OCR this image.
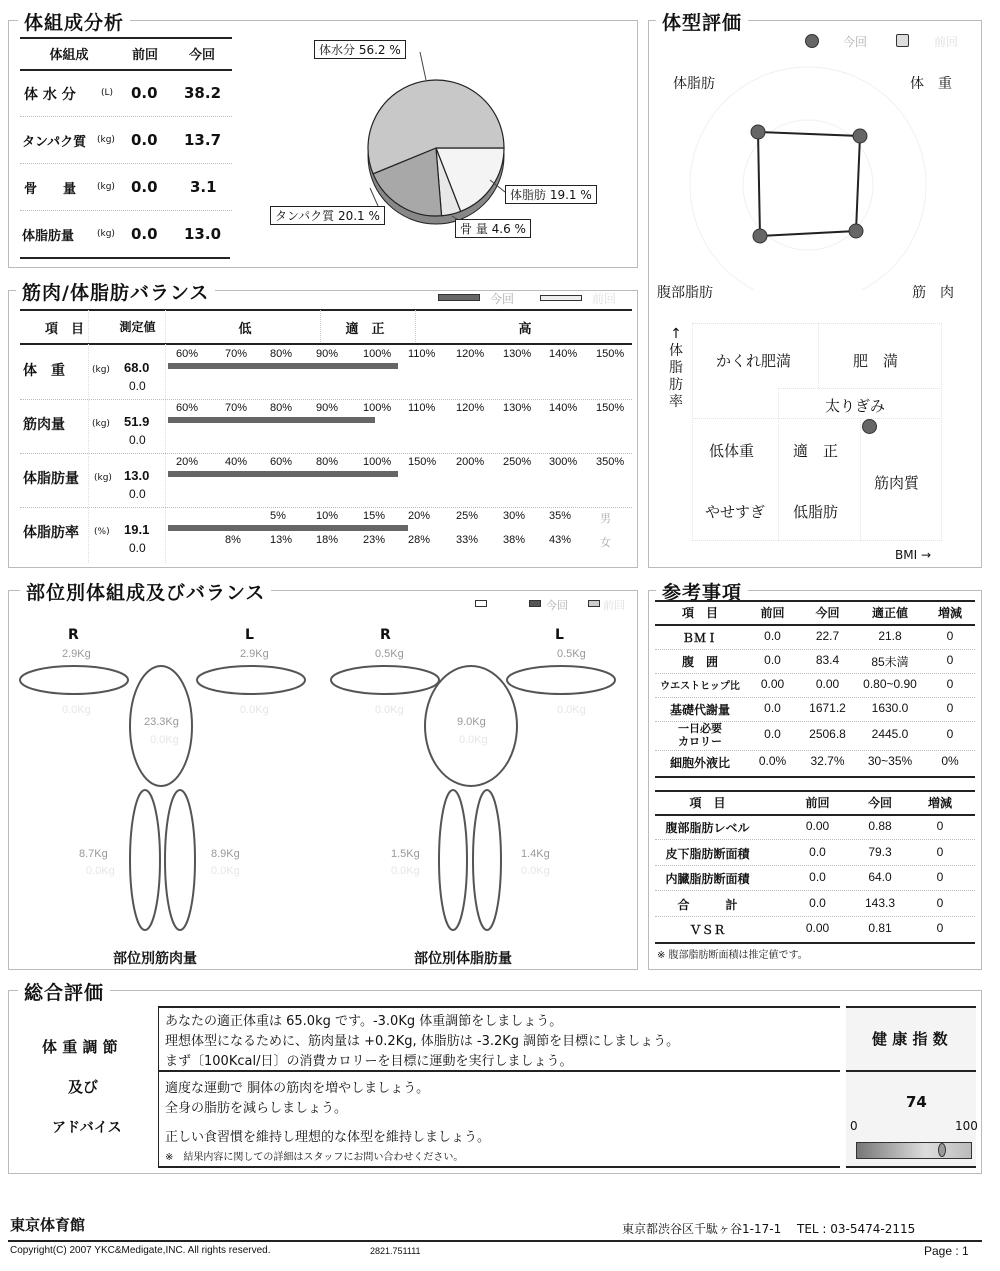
体組成分析
体組成	前回	今回
体 水 分	(L) 0.0 38.2
タンパク質 (kg) 0.0 13.7
骨　　量 (kg) 0.0 3.1
体脂肪量	(kg) 0.0 13.0
体水分 56.2 %
体脂肪 19.1 %
骨 量 4.6 %
タンパク質 20.1 %
体型評価
今回	前回
体脂肪	体　重
腹部脂肪	筋　肉
↑
体
脂
肪
率
かくれ肥満	肥　満
太りぎみ
低体重	適　正
筋肉質
やせすぎ 低脂肪
BMI →
筋肉/体脂肪バランス	今回	前回
項　目	測定値	低	適　正	高
体　重	(kg) 68.0
0.0
60% 70% 80% 90% 100% 110% 120% 130% 140% 150%
筋肉量	(kg) 51.9
0.0
60% 70% 80% 90% 100% 110% 120% 130% 140% 150%
体脂肪量 (kg) 13.0
0.0
20% 40% 60% 80% 100% 150% 200% 250% 300% 350%
体脂肪率 (%) 19.1
0.0
5%	10% 15% 20% 25% 30% 35%
8%	13% 18% 23% 28% 33% 38% 43%
男
女
部位別体組成及びバランス
今回	前回
R	L
2.9Kg	2.9Kg
0.0Kg	0.0Kg
23.3Kg
0.0Kg
8.7Kg
0.0Kg
8.9Kg
0.0Kg
部位別筋肉量
R	L
0.5Kg	0.5Kg
0.0Kg	0.0Kg
9.0Kg
0.0Kg
1.5Kg
0.0Kg
1.4Kg
0.0Kg
部位別体脂肪量
参考事項
項　目	前回	今回	適正値	増減
ＢＭＩ	0.0	22.7	21.8	0
腹　囲	0.0	83.4	85未満	0
ウエストヒップ比	0.00	0.00	0.80~0.90	0
基礎代謝量	0.0	1671.2	1630.0	0
一日必要
カロリー
0.0	2506.8	2445.0	0
細胞外液比	0.0%	32.7%	30~35%	0%
項　目	前回	今回	増減
腹部脂肪レベル	0.00	0.88	0
皮下脂肪断面積	0.0	79.3	0
内臓脂肪断面積	0.0	64.0	0
合　　　計	0.0	143.3	0
ＶＳＲ	0.00	0.81	0
※ 腹部脂肪断面積は推定値です。
総合評価
体 重 調 節
及び
アドバイス
あなたの適正体重は 65.0kg です。-3.0Kg 体重調節をしましょう。
理想体型になるために、筋肉量は +0.2Kg, 体脂肪は -3.2Kg 調節を目標にしましょう。
まず〔100Kcal/日〕の消費カロリーを目標に運動を実行しましょう。
適度な運動で 胴体の筋肉を増やしましょう。
全身の脂肪を減らしましょう。
正しい食習慣を維持し理想的な体型を維持しましょう。
※　結果内容に関しての詳細はスタッフにお問い合わせください。
健 康 指 数
74
0	100
東京体育館	東京都渋谷区千駄ヶ谷1-17-1　 TEL : 03-5474-2115
Copyright(C) 2007 YKC&Medigate,INC. All rights reserved.	2821.751111	Page : 1
